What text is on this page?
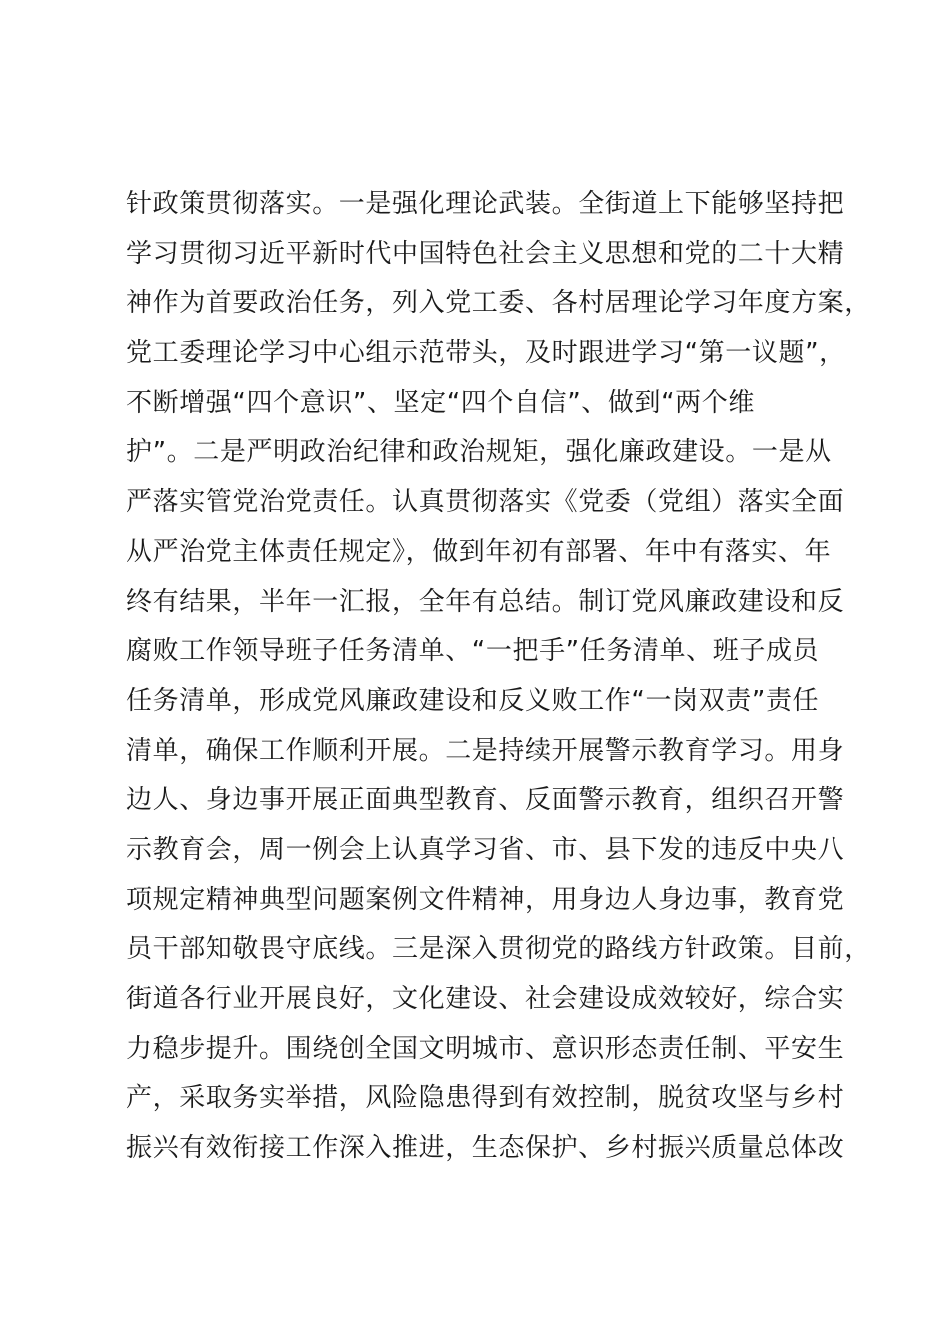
针政策贯彻落实。一是强化理论武装。全街道上下能够坚持把
学习贯彻习近平新时代中国特色社会主义思想和党的二十大精
神作为首要政治任务，列入党工委、各村居理论学习年度方案，
党工委理论学习中心组示范带头，及时跟进学习“第一议题”，
不断增强“四个意识”、坚定“四个自信”、做到“两个维
护”。二是严明政治纪律和政治规矩，强化廉政建设。一是从
严落实管党治党责任。认真贯彻落实《党委（党组）落实全面
从严治党主体责任规定》，做到年初有部署、年中有落实、年
终有结果，半年一汇报，全年有总结。制订党风廉政建设和反
腐败工作领导班子任务清单、“一把手”任务清单、班子成员
任务清单，形成党风廉政建设和反义败工作“一岗双责”责任
清单，确保工作顺利开展。二是持续开展警示教育学习。用身
边人、身边事开展正面典型教育、反面警示教育，组织召开警
示教育会，周一例会上认真学习省、市、县下发的违反中央八
项规定精神典型问题案例文件精神，用身边人身边事，教育党
员干部知敬畏守底线。三是深入贯彻党的路线方针政策。目前，
街道各行业开展良好，文化建设、社会建设成效较好，综合实
力稳步提升。围绕创全国文明城市、意识形态责任制、平安生
产，采取务实举措，风险隐患得到有效控制，脱贫攻坚与乡村
振兴有效衔接工作深入推进，生态保护、乡村振兴质量总体改
